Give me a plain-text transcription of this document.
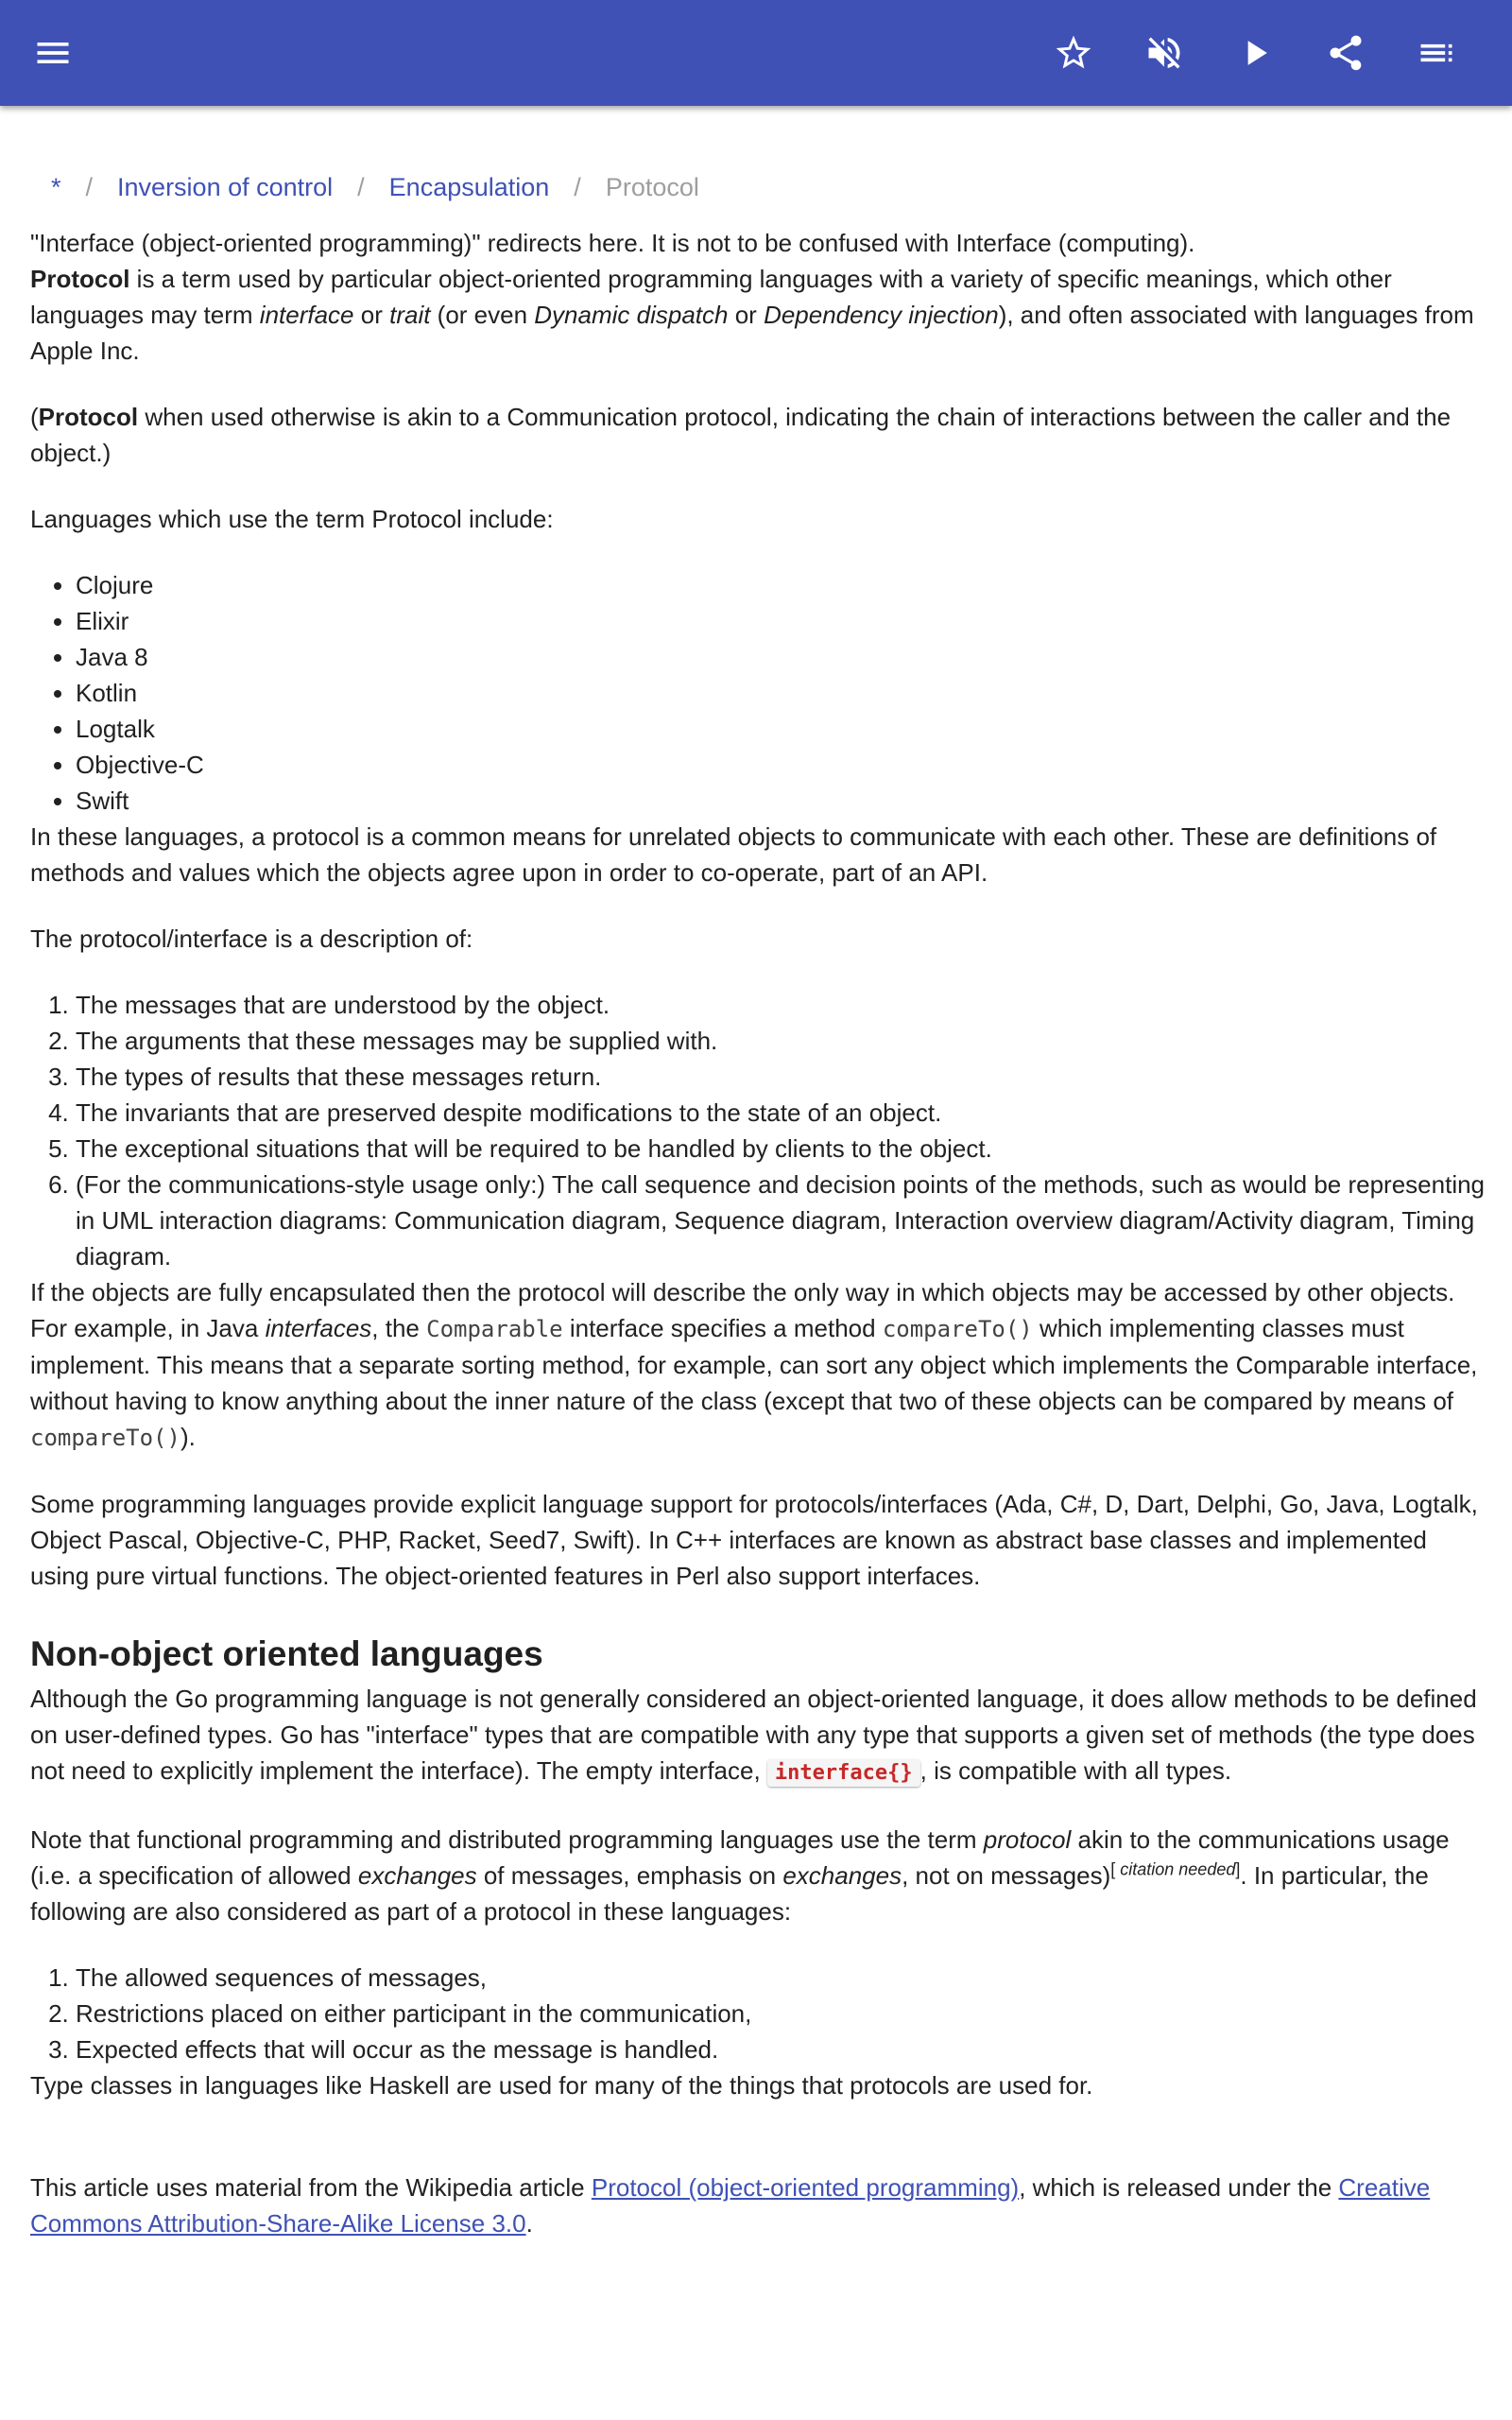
* / Inversion of control / Encapsulation / Protocol

"Interface (object-oriented programming)" redirects here. It is not to be confused with Interface (computing).

Protocol is a term used by particular object-oriented programming languages with a variety of specific meanings, which other languages may term interface or trait (or even Dynamic dispatch or Dependency injection), and often associated with languages from Apple Inc.

(Protocol when used otherwise is akin to a Communication protocol, indicating the chain of interactions between the caller and the object.)

Languages which use the term Protocol include:

• Clojure
• Elixir
• Java 8
• Kotlin
• Logtalk
• Objective-C
• Swift

In these languages, a protocol is a common means for unrelated objects to communicate with each other. These are definitions of methods and values which the objects agree upon in order to co-operate, part of an API.

The protocol/interface is a description of:

1. The messages that are understood by the object.
2. The arguments that these messages may be supplied with.
3. The types of results that these messages return.
4. The invariants that are preserved despite modifications to the state of an object.
5. The exceptional situations that will be required to be handled by clients to the object.
6. (For the communications-style usage only:) The call sequence and decision points of the methods, such as would be representing in UML interaction diagrams: Communication diagram, Sequence diagram, Interaction overview diagram/Activity diagram, Timing diagram.

If the objects are fully encapsulated then the protocol will describe the only way in which objects may be accessed by other objects. For example, in Java interfaces, the Comparable interface specifies a method compareTo() which implementing classes must implement. This means that a separate sorting method, for example, can sort any object which implements the Comparable interface, without having to know anything about the inner nature of the class (except that two of these objects can be compared by means of compareTo()).

Some programming languages provide explicit language support for protocols/interfaces (Ada, C#, D, Dart, Delphi, Go, Java, Logtalk, Object Pascal, Objective-C, PHP, Racket, Seed7, Swift). In C++ interfaces are known as abstract base classes and implemented using pure virtual functions. The object-oriented features in Perl also support interfaces.

Non-object oriented languages

Although the Go programming language is not generally considered an object-oriented language, it does allow methods to be defined on user-defined types. Go has "interface" types that are compatible with any type that supports a given set of methods (the type does not need to explicitly implement the interface). The empty interface, interface{} , is compatible with all types.

Note that functional programming and distributed programming languages use the term protocol akin to the communications usage (i.e. a specification of allowed exchanges of messages, emphasis on exchanges, not on messages)[ citation needed]. In particular, the following are also considered as part of a protocol in these languages:

1. The allowed sequences of messages,
2. Restrictions placed on either participant in the communication,
3. Expected effects that will occur as the message is handled.

Type classes in languages like Haskell are used for many of the things that protocols are used for.

This article uses material from the Wikipedia article Protocol (object-oriented programming), which is released under the Creative Commons Attribution-Share-Alike License 3.0.
